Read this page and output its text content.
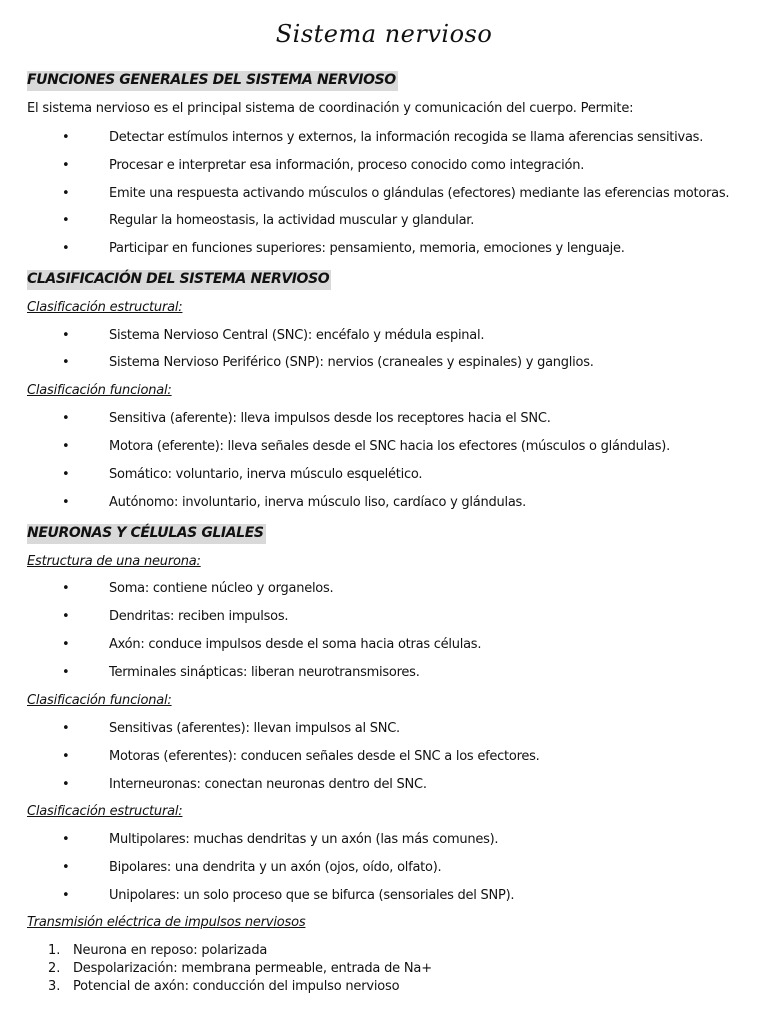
Sistema nervioso
FUNCIONES GENERALES DEL SISTEMA NERVIOSO
El sistema nervioso es el principal sistema de coordinación y comunicación del cuerpo. Permite:
•	Detectar estímulos internos y externos, la información recogida se llama aferencias sensitivas.
•	Procesar e interpretar esa información, proceso conocido como integración.
•	Emite una respuesta activando músculos o glándulas (efectores) mediante las eferencias motoras.
•	Regular la homeostasis, la actividad muscular y glandular.
•	Participar en funciones superiores: pensamiento, memoria, emociones y lenguaje.
CLASIFICACIÓN DEL SISTEMA NERVIOSO
Clasificación estructural:
•	Sistema Nervioso Central (SNC): encéfalo y médula espinal.
•	Sistema Nervioso Periférico (SNP): nervios (craneales y espinales) y ganglios.
Clasificación funcional:
•	Sensitiva (aferente): lleva impulsos desde los receptores hacia el SNC.
•	Motora (eferente): lleva señales desde el SNC hacia los efectores (músculos o glándulas).
•	Somático: voluntario, inerva músculo esquelético.
•	Autónomo: involuntario, inerva músculo liso, cardíaco y glándulas.
NEURONAS Y CÉLULAS GLIALES
Estructura de una neurona:
•	Soma: contiene núcleo y organelos.
•	Dendritas: reciben impulsos.
•	Axón: conduce impulsos desde el soma hacia otras células.
•	Terminales sinápticas: liberan neurotransmisores.
Clasificación funcional:
•	Sensitivas (aferentes): llevan impulsos al SNC.
•	Motoras (eferentes): conducen señales desde el SNC a los efectores.
•	Interneuronas: conectan neuronas dentro del SNC.
Clasificación estructural:
•	Multipolares: muchas dendritas y un axón (las más comunes).
•	Bipolares: una dendrita y un axón (ojos, oído, olfato).
•	Unipolares: un solo proceso que se bifurca (sensoriales del SNP).
Transmisión eléctrica de impulsos nerviosos
1. Neurona en reposo: polarizada
2. Despolarización: membrana permeable, entrada de Na+
3. Potencial de axón: conducción del impulso nervioso
